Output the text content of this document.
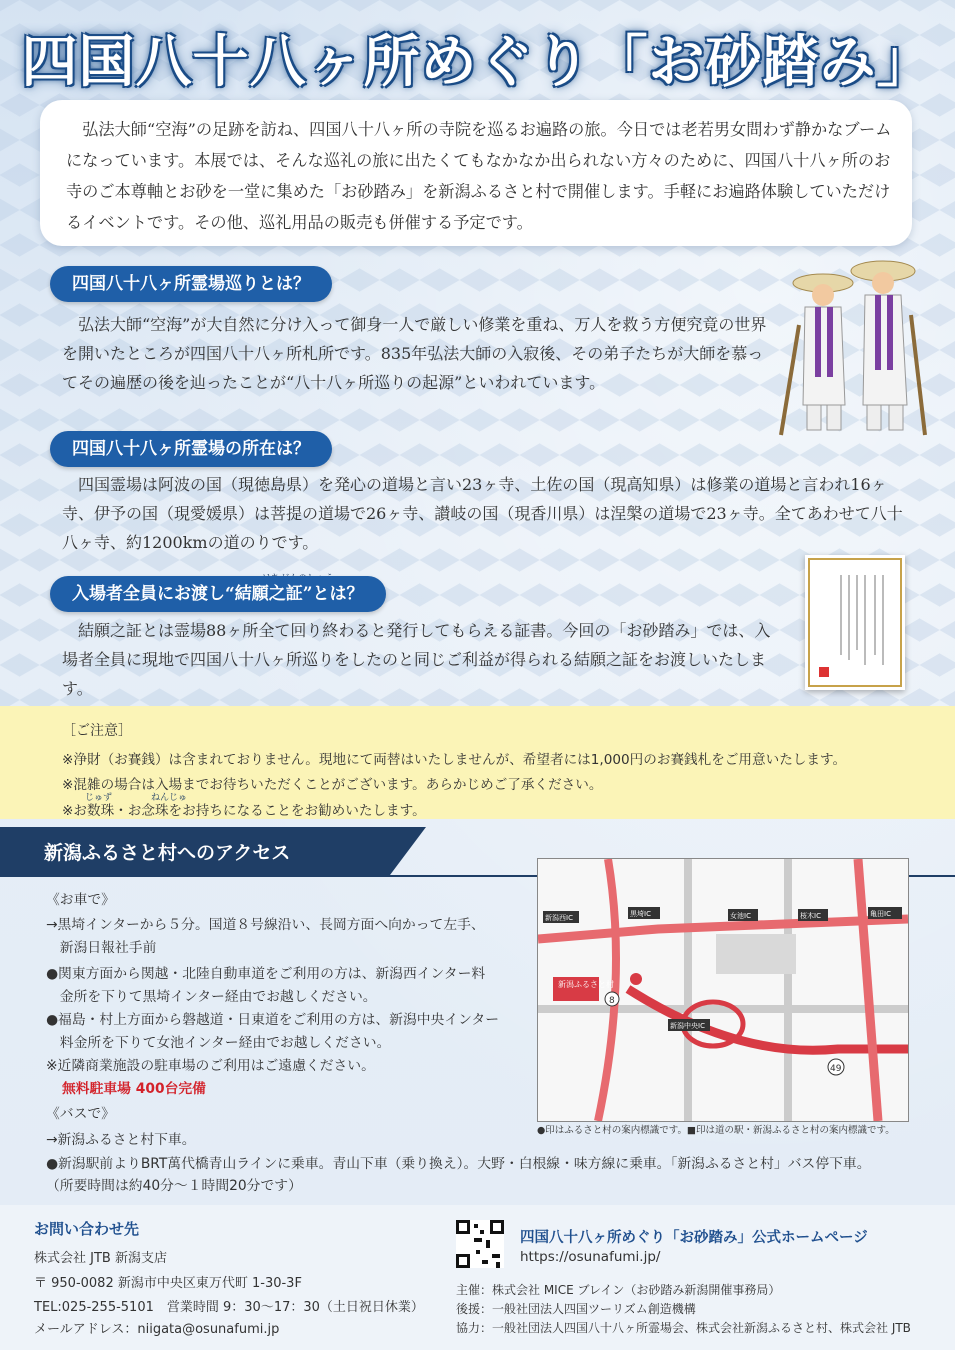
四国八十八ヶ所めぐり「お砂踏み」

　弘法大師“空海”の足跡を訪ね、四国八十八ヶ所の寺院を巡るお遍路の旅。今日では老若男女問わず静かなブームになっています。本展では、そんな巡礼の旅に出たくてもなかなか出られない方々のために、四国八十八ヶ所のお寺のご本尊軸とお砂を一堂に集めた「お砂踏み」を新潟ふるさと村で開催します。手軽にお遍路体験していただけるイベントです。その他、巡礼用品の販売も併催する予定です。

四国八十八ヶ所霊場巡りとは？

　弘法大師“空海”が大自然に分け入って御身一人で厳しい修業を重ね、万人を救う方便究竟の世界を開いたところが四国八十八ヶ所札所です。835年弘法大師の入寂後、その弟子たちが大師を慕ってその遍歴の後を辿ったことが“八十八ヶ所巡りの起源”といわれています。

四国八十八ヶ所霊場の所在は？

　四国霊場は阿波の国（現徳島県）を発心の道場と言い23ヶ寺、土佐の国（現高知県）は修業の道場と言われ16ヶ寺、伊予の国（現愛媛県）は菩提の道場で26ヶ寺、讃岐の国（現香川県）は涅槃の道場で23ヶ寺。全てあわせて八十八ヶ寺、約1200kmの道のりです。

入場者全員にお渡し“結願之証”とは？

　結願之証とは霊場88ヶ所全て回り終わると発行してもらえる証書。今回の「お砂踏み」では、入場者全員に現地で四国八十八ヶ所巡りをしたのと同じご利益が得られる結願之証をお渡しいたします。

［ご注意］
※浄財（お賽銭）は含まれておりません。現地にて両替はいたしませんが、希望者には1,000円のお賽銭札をご用意いたします。
※混雑の場合は入場までお待ちいただくことがございます。あらかじめご了承ください。
じゅず	ねんじゅ
※お数珠・お念珠をお持ちになることをお勧めいたします。
新潟ふるさと村へのアクセス
《お車で》
→黒埼インターから５分。国道８号線沿い、長岡方面へ向かって左手、
　新潟日報社手前
●関東方面から関越・北陸自動車道をご利用の方は、新潟西インター料
　金所を下りて黒埼インター経由でお越しください。
●福島・村上方面から磐越道・日東道をご利用の方は、新潟中央インター
　料金所を下りて女池インター経由でお越しください。
※近隣商業施設の駐車場のご利用はご遠慮ください。
無料駐車場 400台完備
《バスで》
→新潟ふるさと村下車。
●新潟駅前よりBRT萬代橋青山ラインに乗車。青山下車（乗り換え）。大野・白根線・味方線に乗車。「新潟ふるさと村」バス停下車。
（所要時間は約40分～１時間20分です）
新潟ふるさと村
新潟西IC	黒埼IC
新潟中央IC
女池IC	桜木IC	亀田IC
8
49
●印はふるさと村の案内標識です。■印は道の駅・新潟ふるさと村の案内標識です。
お問い合わせ先
株式会社 JTB 新潟支店
〒 950-0082 新潟市中央区東万代町 1-30-3F
TEL:025-255-5101　営業時間 9：30～17：30（土日祝日休業）
メールアドレス：niigata@osunafumi.jp
四国八十八ヶ所めぐり「お砂踏み」公式ホームページ
https://osunafumi.jp/
主催：株式会社 MICE ブレイン（お砂踏み新潟開催事務局）
後援：一般社団法人四国ツーリズム創造機構
協力：一般社団法人四国八十八ヶ所霊場会、株式会社新潟ふるさと村、株式会社 JTB
